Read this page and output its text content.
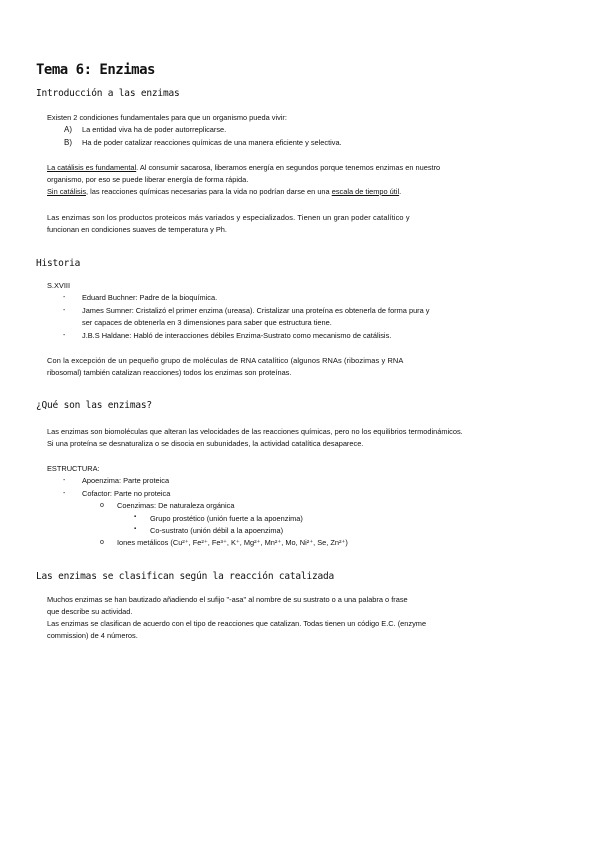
Tema 6: Enzimas
Introducción a las enzimas
Existen 2 condiciones fundamentales para que un organismo pueda vivir:
A) La entidad viva ha de poder autorreplicarse.
B) Ha de poder catalizar reacciones químicas de una manera eficiente y selectiva.
La catálisis es fundamental. Al consumir sacarosa, liberamos energía en segundos porque tenemos enzimas en nuestro
organismo, por eso se puede liberar energía de forma rápida.
Sin catálisis, las reacciones químicas necesarias para la vida no podrían darse en una escala de tiempo útil.
Las enzimas son los productos proteicos más variados y especializados. Tienen un gran poder catalítico y
funcionan en condiciones suaves de temperatura y Ph.
Historia
S.XVIII
- Eduard Buchner: Padre de la bioquímica.
- James Sumner: Cristalizó el primer enzima (ureasa). Cristalizar una proteína es obtenerla de forma pura y
ser capaces de obtenerla en 3 dimensiones para saber que estructura tiene.
- J.B.S Haldane: Habló de interacciones débiles Enzima-Sustrato como mecanismo de catálisis.
Con la excepción de un pequeño grupo de moléculas de RNA catalítico (algunos RNAs (ribozimas y RNA
ribosomal) también catalizan reacciones) todos los enzimas son proteínas.
¿Qué son las enzimas?
Las enzimas son biomoléculas que alteran las velocidades de las reacciones químicas, pero no los equilibrios termodinámicos.
Si una proteína se desnaturaliza o se disocia en subunidades, la actividad catalítica desaparece.
ESTRUCTURA:
- Apoenzima: Parte proteica
- Cofactor: Parte no proteica
o Coenzimas: De naturaleza orgánica
▪ Grupo prostético (unión fuerte a la apoenzima)
▪ Co-sustrato (unión débil a la apoenzima)
o Iones metálicos (Cu²⁺, Fe²⁺, Fe³⁺, K⁺, Mg²⁺, Mn²⁺, Mo, Ni²⁺, Se, Zn²⁺)
Las enzimas se clasifican según la reacción catalizada
Muchos enzimas se han bautizado añadiendo el sufijo "-asa" al nombre de su sustrato o a una palabra o frase
que describe su actividad.
Las enzimas se clasifican de acuerdo con el tipo de reacciones que catalizan. Todas tienen un código E.C. (enzyme
commission) de 4 números.
